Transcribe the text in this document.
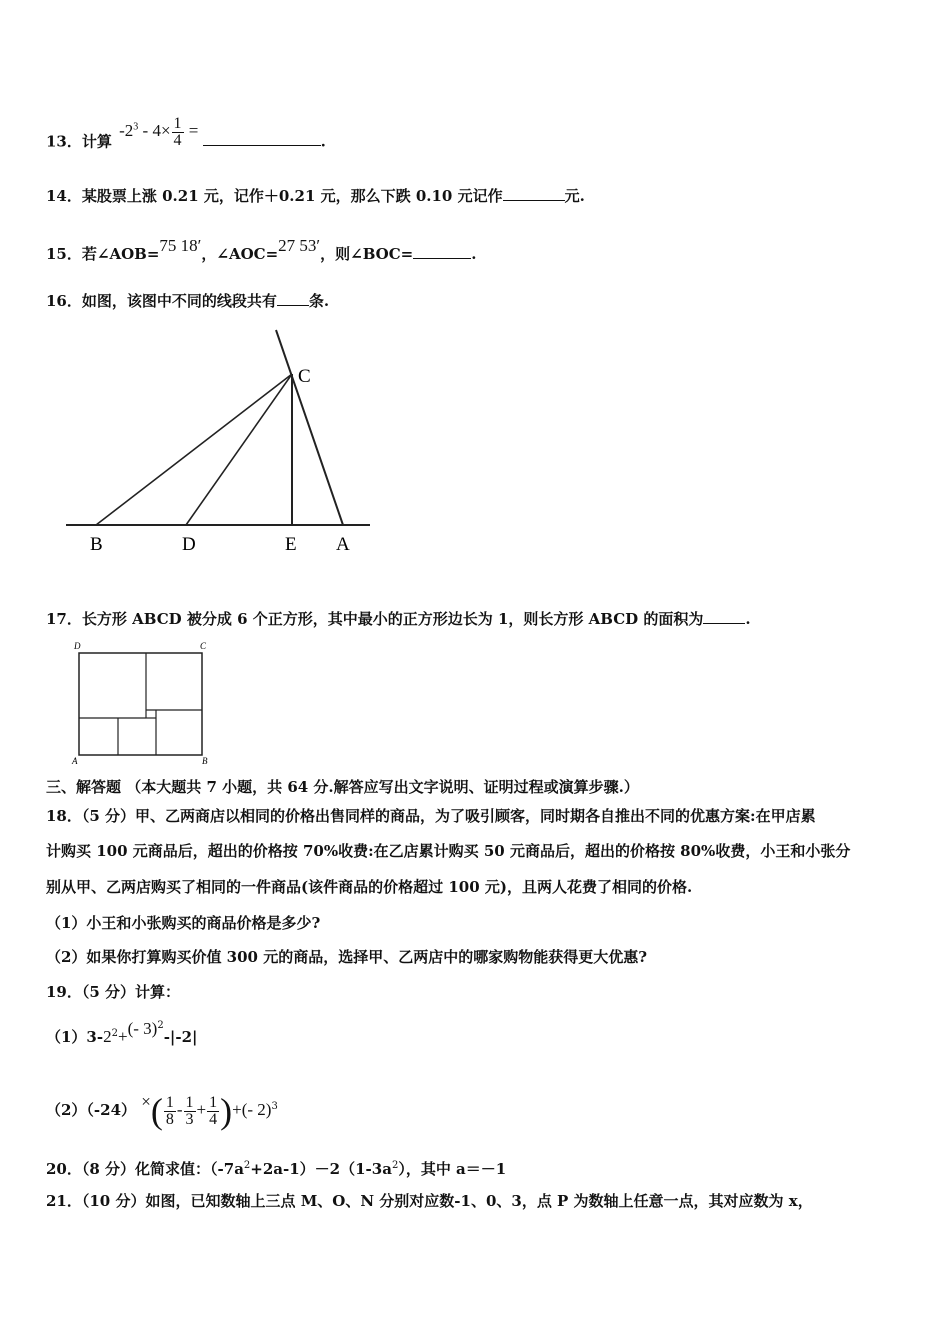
13．计算 $-2^3 - 4\times \frac{1}{4}$ = .
14．某股票上涨 0.21 元，记作＋0.21 元，那么下跌 0.10 元记作	元.
15．若∠AOB=75 18′，∠AOC=27 53′，则∠BOC=	.
16．如图，该图中不同的线段共有 条.
C
B	D	E A
17．长方形 ABCD 被分成 6 个正方形，其中最小的正方形边长为 1，则长方形 ABCD 的面积为	.
D	C
A	B
三、解答题 （本大题共 7 小题，共 64 分.解答应写出文字说明、证明过程或演算步骤.）
18．（5 分）甲、乙两商店以相同的价格出售同样的商品，为了吸引顾客，同时期各自推出不同的优惠方案:在甲店累
计购买 100 元商品后，超出的价格按 70%收费:在乙店累计购买 50 元商品后，超出的价格按 80%收费，小王和小张分
别从甲、乙两店购买了相同的一件商品(该件商品的价格超过 100 元)，且两人花费了相同的价格.
（1）小王和小张购买的商品价格是多少?
（2）如果你打算购买价值 300 元的商品，选择甲、乙两店中的哪家购物能获得更大优惠?
19．（5 分）计算：
$(1)3-2^2+(-$ 3)$^2$-|-2|
（2）（-24） ×( $\frac{1}{8} - \frac{1}{3} + \frac{1}{4}$ )+(- 2)$^3$
20．（8 分）化简求值：$(-7a^2+2a-1)-2(1-3a^2)$，其中 a＝－1
21．（10 分）如图，已知数轴上三点 M、O、N 分别对应数-1、0、3，点 P 为数轴上任意一点，其对应数为 x，
